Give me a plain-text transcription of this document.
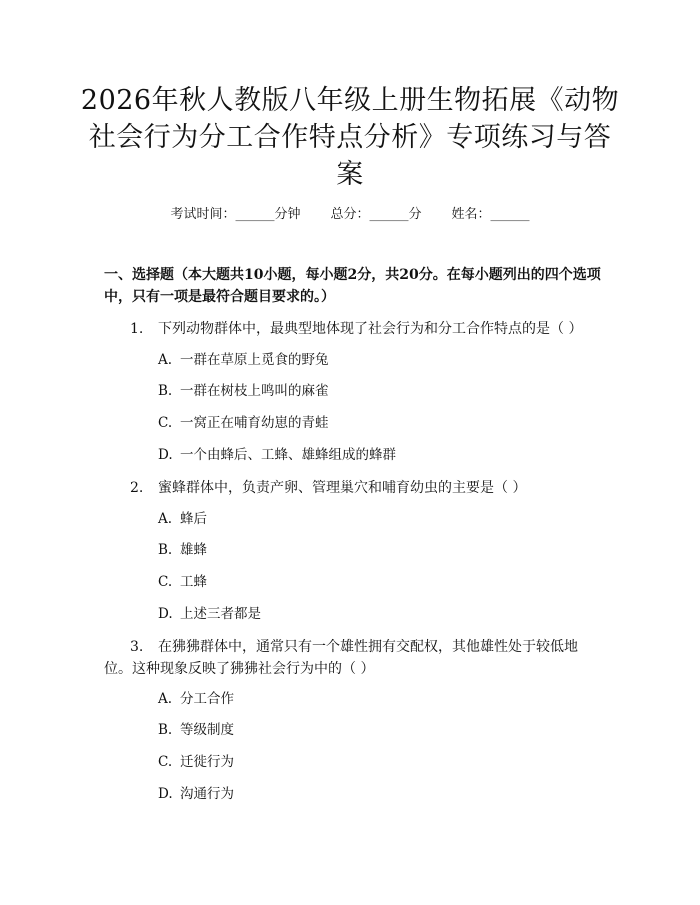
2026年秋人教版八年级上册生物拓展《动物社会行为分工合作特点分析》专项练习与答案
考试时间：______分钟 总分：______分 姓名：______

一、选择题（本大题共10小题，每小题2分，共20分。在每小题列出的四个选项中，只有一项是最符合题目要求的。）

1. 下列动物群体中，最典型地体现了社会行为和分工合作特点的是（ ）
A. 一群在草原上觅食的野兔
B. 一群在树枝上鸣叫的麻雀
C. 一窝正在哺育幼崽的青蛙
D. 一个由蜂后、工蜂、雄蜂组成的蜂群
2. 蜜蜂群体中，负责产卵、管理巢穴和哺育幼虫的主要是（ ）
A. 蜂后
B. 雄蜂
C. 工蜂
D. 上述三者都是
3. 在狒狒群体中，通常只有一个雄性拥有交配权，其他雄性处于较低地位。这种现象反映了狒狒社会行为中的（ ）
A. 分工合作
B. 等级制度
C. 迁徙行为
D. 沟通行为
